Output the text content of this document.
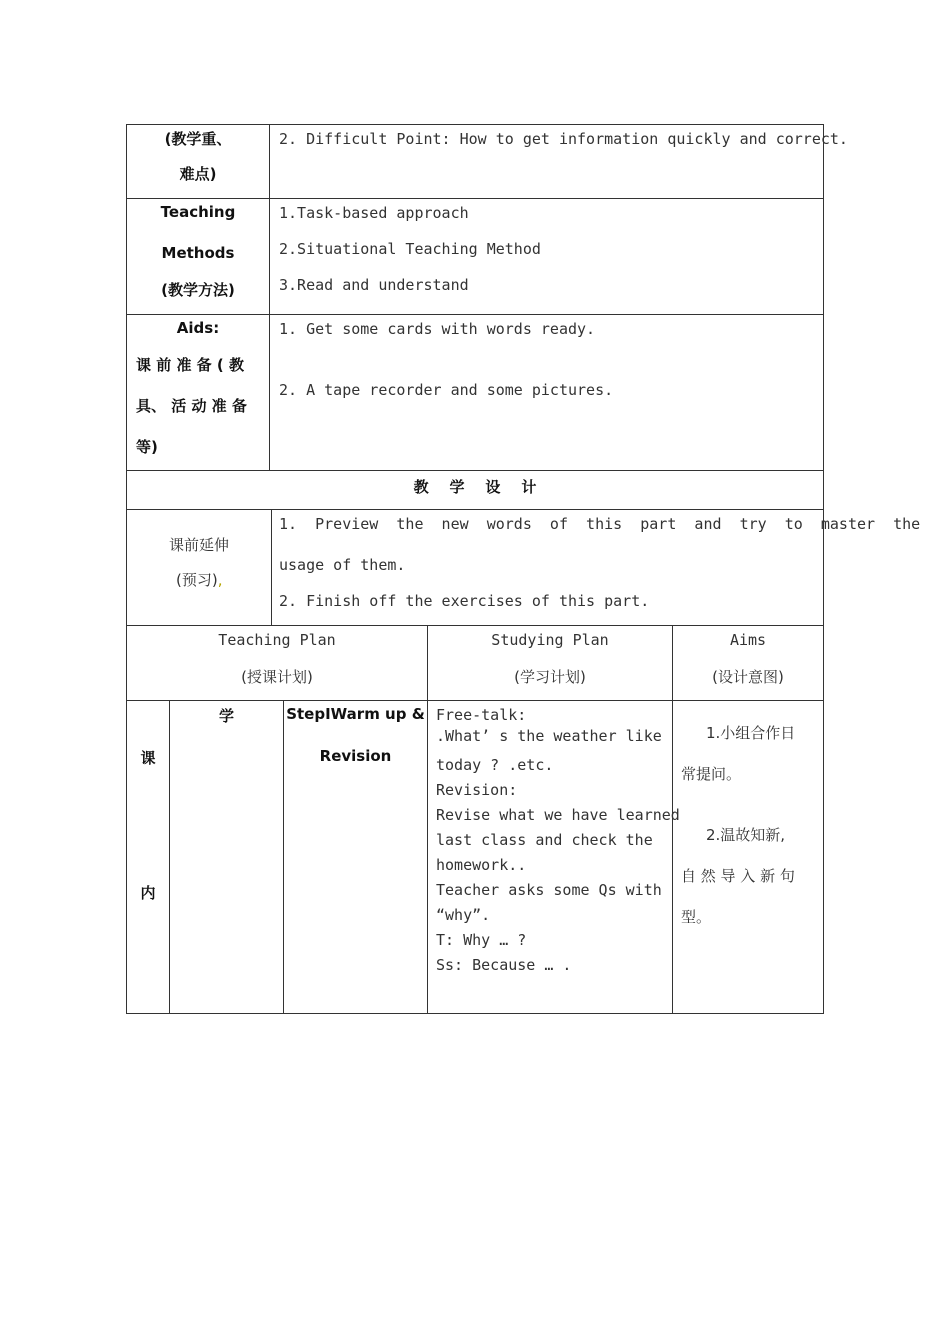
(教学重、
难点)
2. Difficult Point: How to get information quickly and correct.
Teaching
Methods
(教学方法)
1.Task-based approach
2.Situational Teaching Method
3.Read and understand
Aids:
课 前 准 备 ( 教
具、 活 动 准 备
等)
1. Get some cards with words ready.
2. A tape recorder and some pictures.
教    学    设    计
课前延伸
(预习),
1.  Preview  the  new  words  of  this  part  and  try  to  master  the
usage of them.
2. Finish off the exercises of this part.
Teaching Plan
(授课计划)
Studying Plan
(学习计划)
Aims
(设计意图)
课
内
学	StepⅠWarm up &
Revision
Free-talk:
.What’ s the weather like
today ? .etc.
Revision:
Revise what we have learned
last class and check the
homework..
Teacher asks some Qs with
“why”.
T: Why … ?
Ss: Because … .
1.小组合作日
常提问。
2.温故知新,
自 然 导 入 新 句
型。
